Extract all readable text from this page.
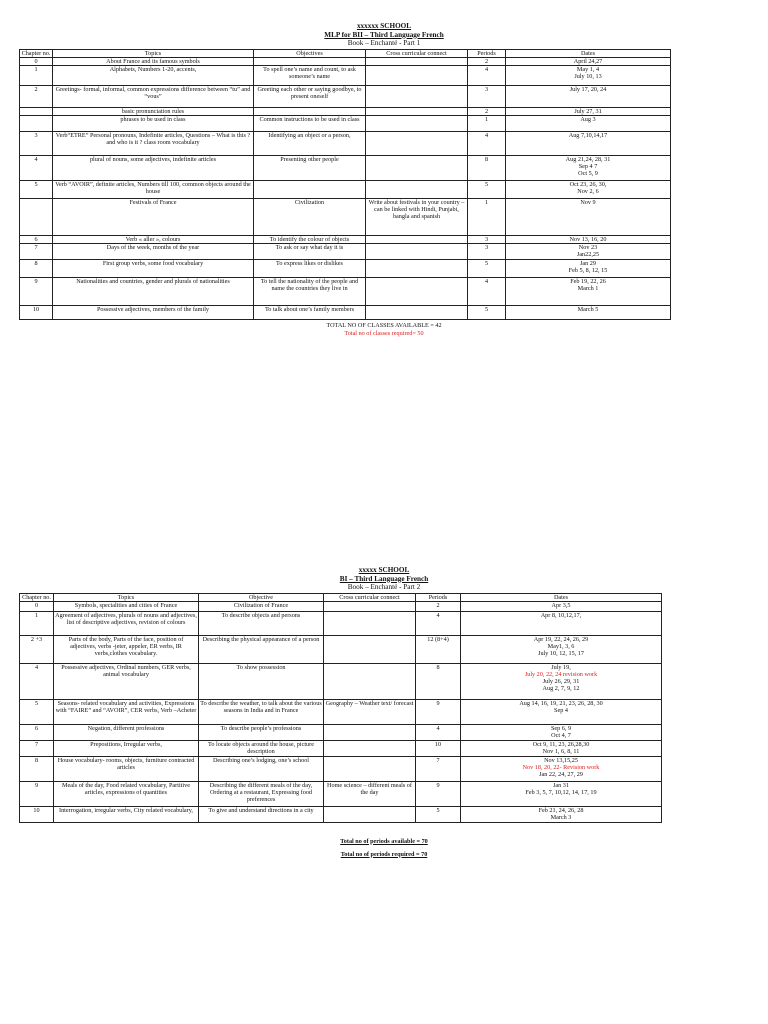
xxxxxx SCHOOL
MLP for BII – Third Language French
Book – Enchanté - Part 1
Chapter no.	Topics	Objectives	Cross curricular connect	Periods	Dates
0	About France and its famous symbols			2	April 24,27

1	Alphabets, Numbers 1-20, accents,	To spell one’s name and count, to ask someone’s name		4	May 1, 4
July 10, 13

2	Greetings- formal, informal, common expressions difference between “tu” and “vous”	Greeting each other or saying goodbye, to present oneself		3	July 17, 20, 24

	basic pronunciation rules			2	July 27, 31

	phrases to be used in class	Common instructions to be used in class		1	Aug 3

3	Verb“ETRE” Personal pronouns, Indefinite articles, Questions – What is this ? and who is it ? class room vocabulary	Identifying an object or a person,		4	Aug 7,10,14,17

4	plural of nouns, some adjectives, indefinite articles	Presenting other people		8	Aug 21,24, 28, 31
Sep 4 7
Oct 5, 9

5	Verb “AVOIR”, definite articles, Numbers till 100, common objects around the house			5	Oct 23, 26, 30,
Nov 2, 6

	Festivals of France	Civilization	Write about festivals in your country – can be linked with Hindi, Punjabi, bangla and spanish	1	Nov 9

6	Verb « aller », colours	To identify the colour of objects		3	Nov 13, 16, 20

7	Days of the week, months of the year	To ask or say what day it is		3	Nov 23
Jan22,25

8	First group verbs, some food vocabulary	To express likes or dislikes		5	Jan 29
Feb 5, 8, 12, 15

9	Nationalities and countries, gender and plurals of nationalities	To tell the nationality of the people and name the countries they live in		4	Feb 19, 22, 26
March 1

10	Possessive adjectives, members of the family	To talk about one’s family members		5	March 5
TOTAL NO OF CLASSES AVAILABLE = 42
Total no of classes required= 50
xxxxx SCHOOL
BI – Third Language French
Book – Enchanté - Part 2
Chapter no.	Topics	Objective	Cross curricular connect	Periods	Dates
0	Symbols, specialities and cities of France	Civilization of France		2	Apr 3,5

1	Agreement of adjectives, plurals of nouns and adjectives, list of descriptive adjectives, revision of colours	To describe objects and persons		4	Apr 8, 10,12,17,

2 +3	Parts of the body, Parts of the face, position of adjectives, verbs -jeter, appeler, ER verbs, IR verbs,clothes vocabulary.	Describing the physical appearance of a person		12 (8+4)	Apr 19, 22, 24, 26, 29
May1, 3, 6
July 10, 12, 15, 17

4	Possessive adjectives, Ordinal numbers, GER verbs, animal vocabulary	To show possession		8	July 19,
July 20, 22, 24 revision work
July 26, 29, 31
Aug 2, 7, 9, 12

5	Seasons- related vocabulary and activities, Expressions with “FAIRE” and “AVOIR”, CER verbs, Verb –Acheter	To describe the weather, to talk about the various seasons in India and in France	Geography – Weather text/ forecast	9	Aug 14, 16, 19, 21, 23, 26, 28, 30
Sep 4

6	Negation, different professions	To describe people’s professions		4	Sep 6, 9
Oct 4, 7

7	Prepositions, Irregular verbs,	To locate objects around the house, picture description		10	Oct 9, 11, 23, 26,28,30
Nov 1, 6, 8, 11

8	House vocabulary- rooms, objects, furniture contracted articles	Describing one’s lodging, one’s school		7	Nov 13,15,25
Nov 18, 20, 22- Revision work
Jan 22, 24, 27, 29

9	Meals of the day, Food related vocabulary, Partitive articles, expressions of quantities	Describing the different meals of the day, Ordering at a restaurant, Expressing food preferences	Home science – different meals of the day	9	Jan 31
Feb 3, 5, 7, 10,12, 14, 17, 19

10	Interrogation, irregular verbs, City related vocabulary,	To give and understand directions in a city		5	Feb 21, 24, 26, 28
March 3
Total no of periods available = 70
Total no of periods required = 70
